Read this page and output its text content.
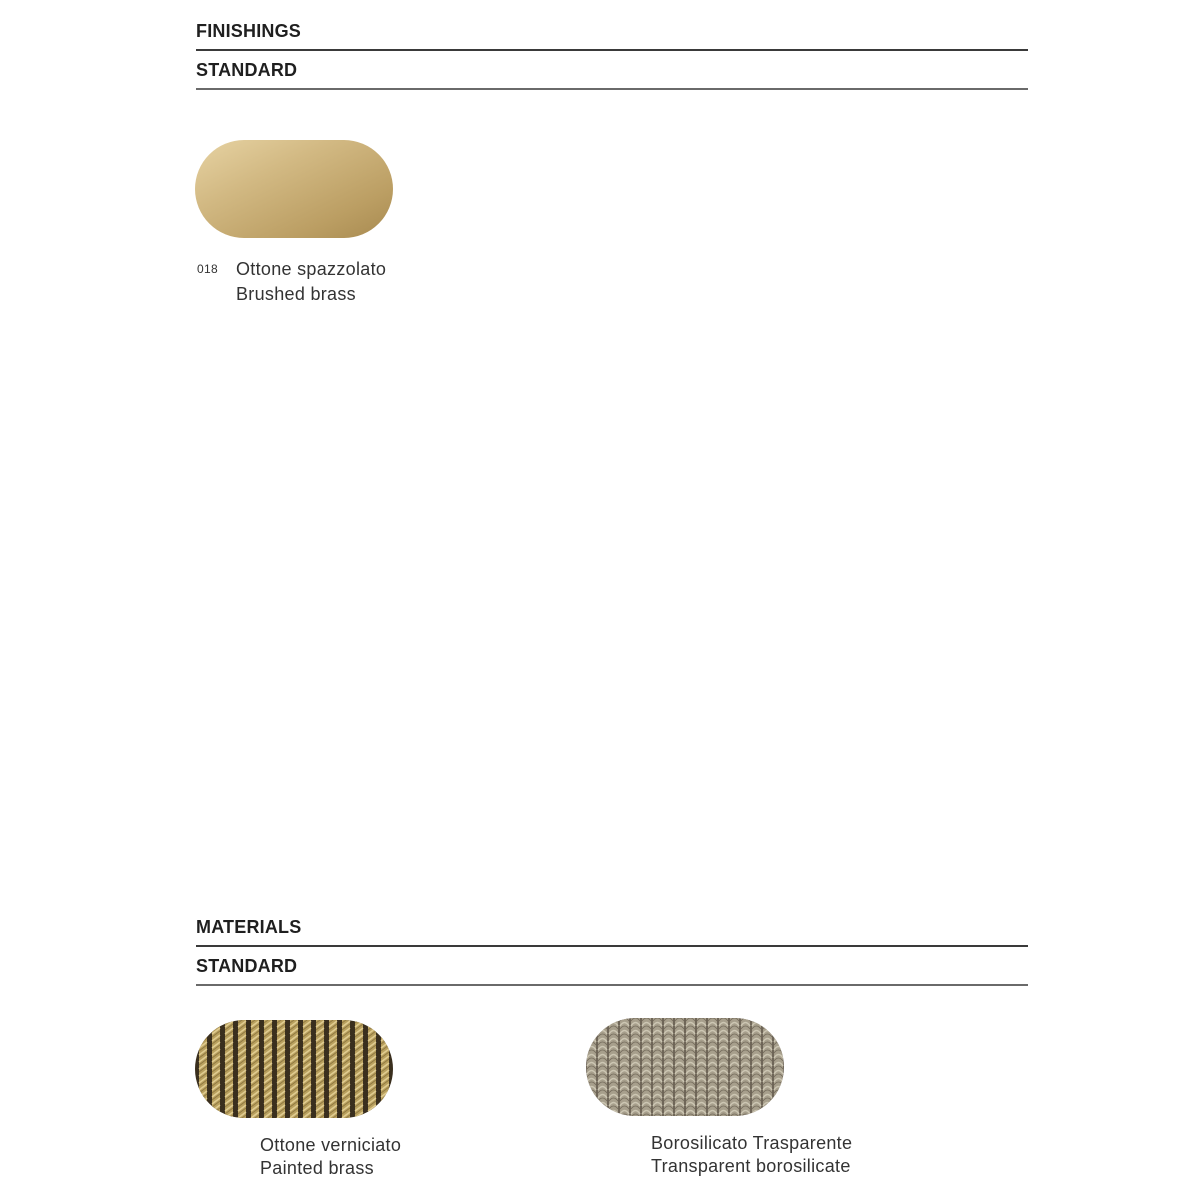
FINISHINGS
STANDARD
018 Ottone spazzolato
Brushed brass
MATERIALS
STANDARD
Ottone verniciato
Painted brass
Borosilicato Trasparente
Transparent borosilicate
